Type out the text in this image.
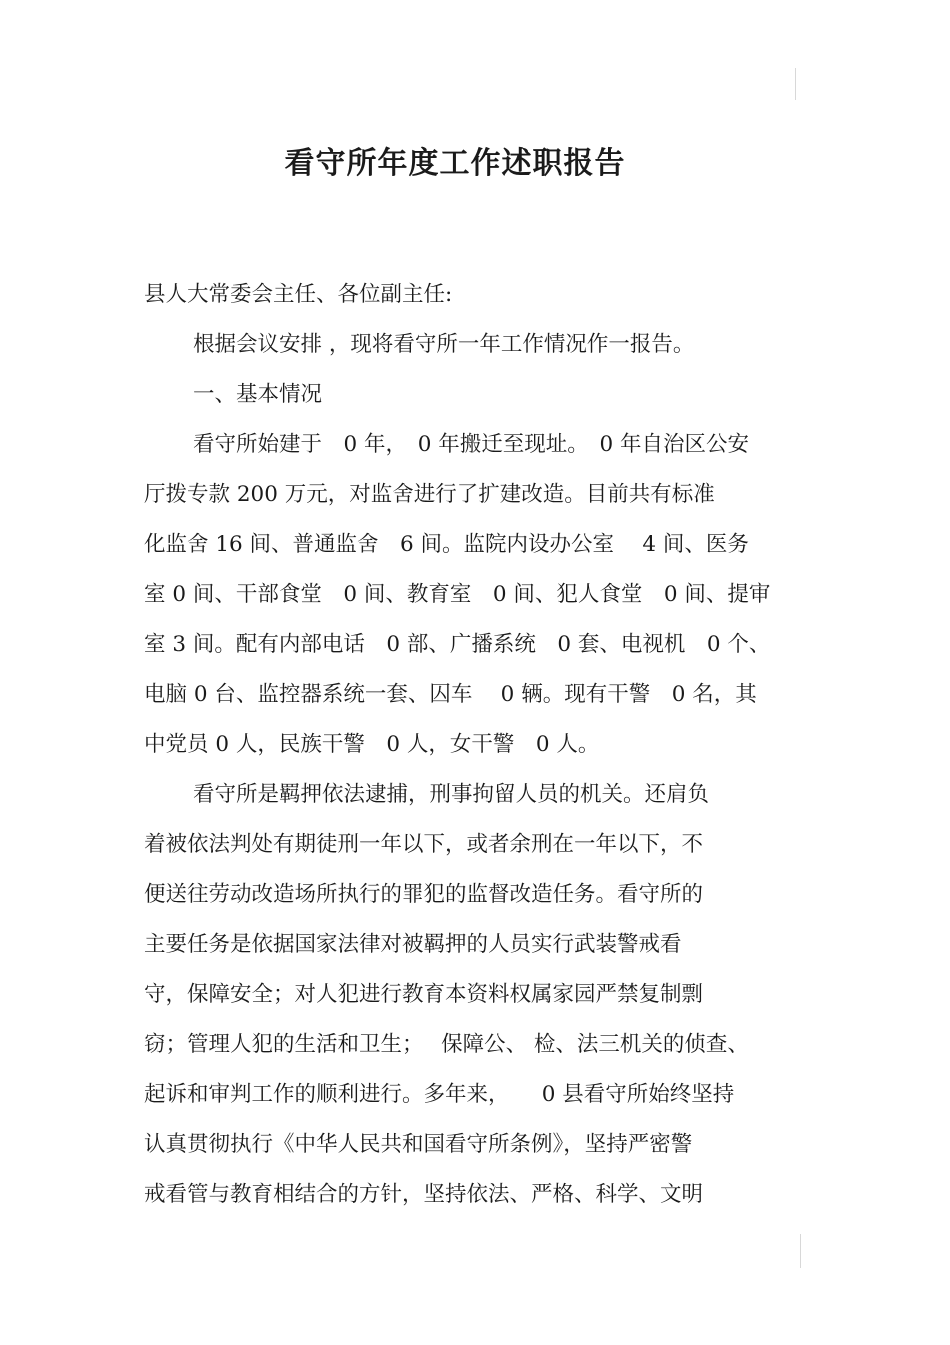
看守所年度工作述职报告
县人大常委会主任、各位副主任:
根据会议安排 ，现将看守所一年工作情况作一报告。
一、基本情况
看守所始建于　0 年，　0 年搬迁至现址。　0 年自治区公安
厅拨专款 200 万元，对监舍进行了扩建改造。目前共有标准
化监舍 16 间、普通监舍　6 间。监院内设办公室　 4 间、医务
室 0 间、干部食堂　0 间、教育室　0 间、犯人食堂　0 间、提审
室 3 间。配有内部电话　0 部、广播系统　0 套、电视机　0 个、
电脑 0 台、监控器系统一套、囚车　 0 辆。现有干警　0 名，其
中党员 0 人，民族干警　0 人，女干警　0 人。
看守所是羁押依法逮捕，刑事拘留人员的机关。还肩负
着被依法判处有期徒刑一年以下，或者余刑在一年以下，不
便送往劳动改造场所执行的罪犯的监督改造任务。看守所的
主要任务是依据国家法律对被羁押的人员实行武装警戒看
守，保障安全；对人犯进行教育本资料权属家园严禁复制剽
窃；管理人犯的生活和卫生；　 保障公、 检、法三机关的侦查、
起诉和审判工作的顺利进行。多年来，　　0 县看守所始终坚持
认真贯彻执行《中华人民共和国看守所条例》，坚持严密警
戒看管与教育相结合的方针，坚持依法、严格、科学、文明
